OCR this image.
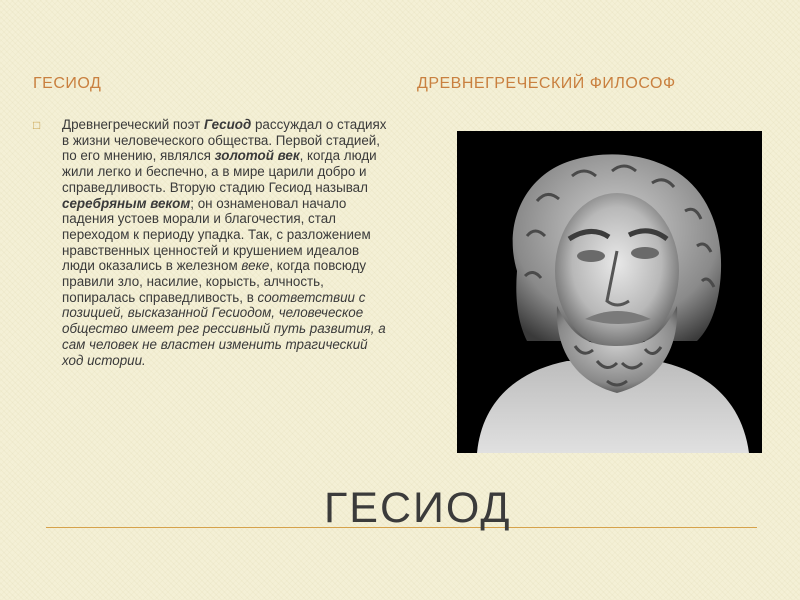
ГЕСИОД	ДРЕВНЕГРЕЧЕСКИЙ ФИЛОСОФ
□	Древнегреческий поэт Гесиод рассуждал о стадиях в жизни человеческого общества. Первой стадией, по его мнению, являлся золотой век, когда люди жили легко и беспечно, а в мире царили добро и справедливость. Вторую стадию Гесиод называл серебряным веком; он ознаменовал начало падения устоев морали и благочестия, стал переходом к периоду упадка. Так, с разложением нравственных ценностей и крушением идеалов люди оказались в железном веке, когда повсюду правили зло, насилие, корысть, алчность, попиралась справедливость, в соответствии с позицией, высказанной Гесиодом, человеческое общество имеет рег рессивный путь развития, а сам человек не властен изменить трагический ход истории.
ГЕСИОД
